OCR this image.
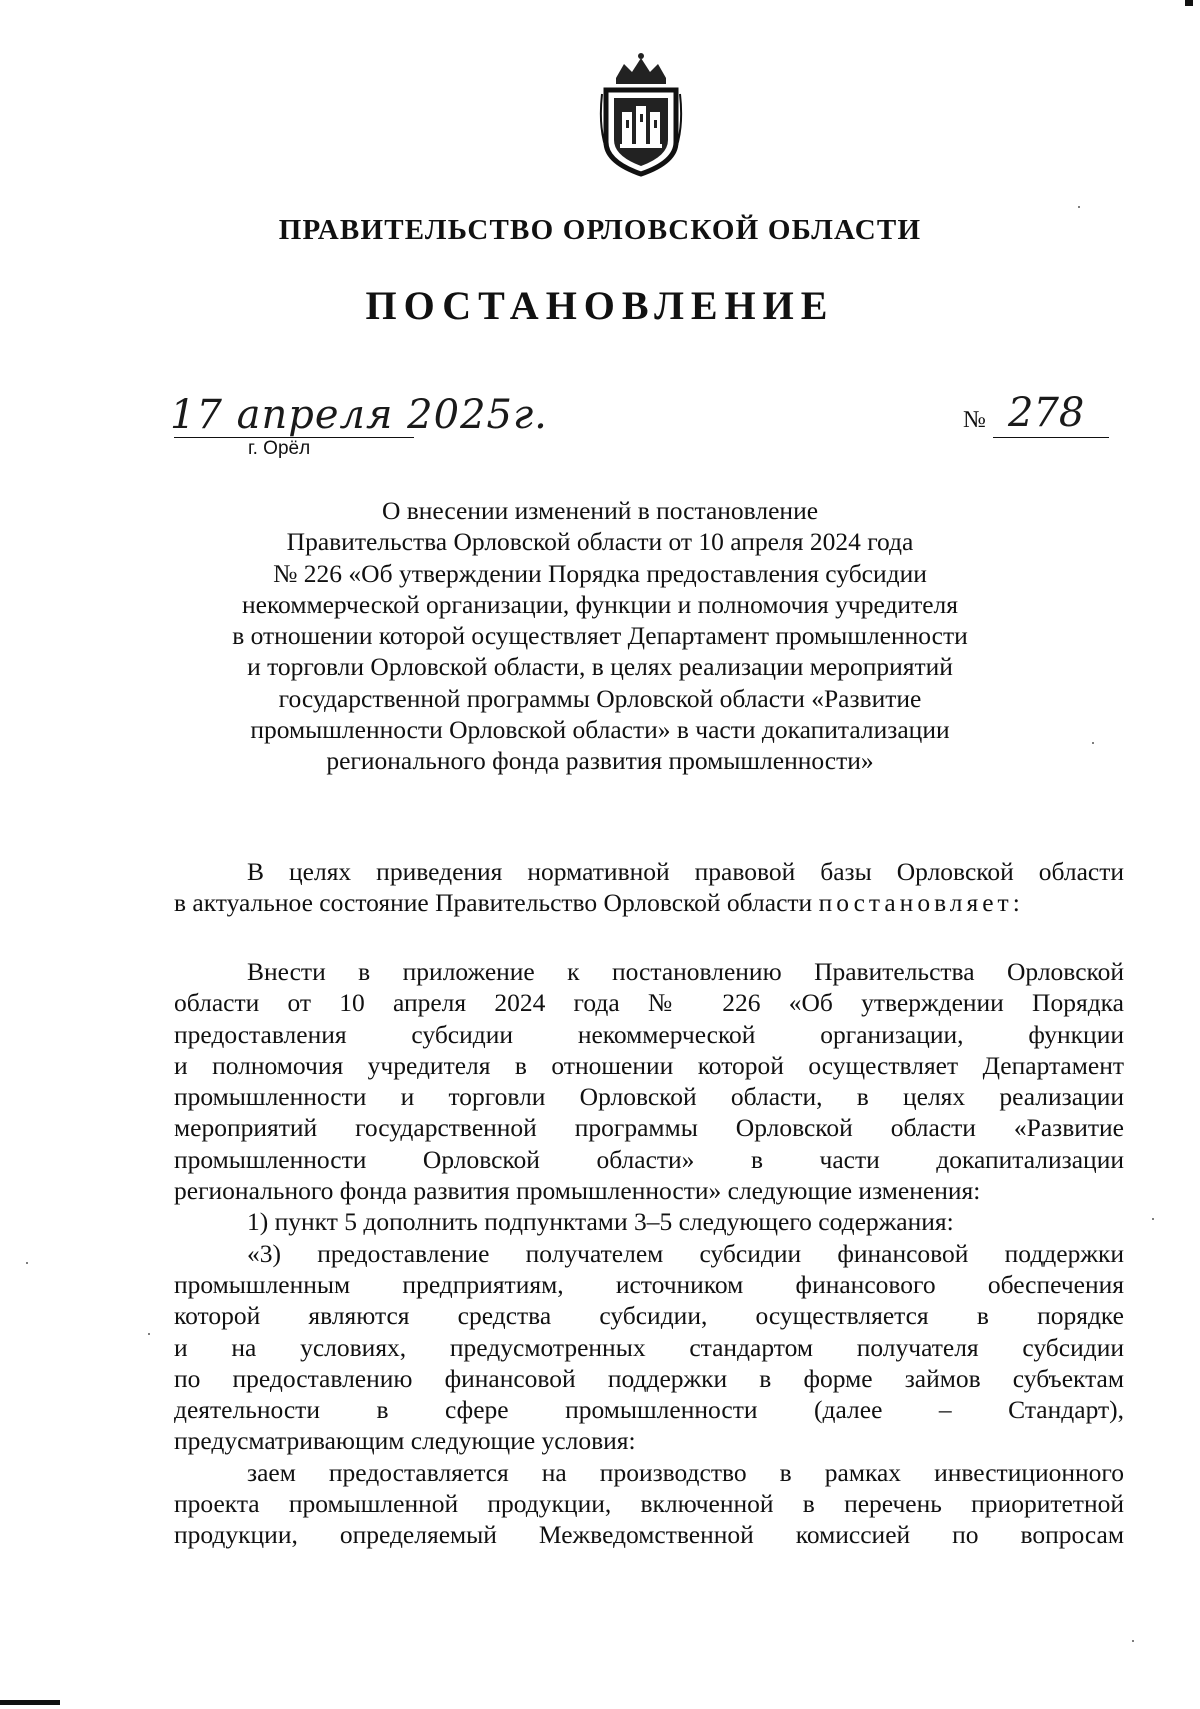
ПРАВИТЕЛЬСТВО ОРЛОВСКОЙ ОБЛАСТИ
ПОСТАНОВЛЕНИЕ
17 апреля 2025г.
г. Орёл
№ 278
О внесении изменений в постановление
Правительства Орловской области от 10 апреля 2024 года
№ 226 «Об утверждении Порядка предоставления субсидии
некоммерческой организации, функции и полномочия учредителя
в отношении которой осуществляет Департамент промышленности
и торговли Орловской области, в целях реализации мероприятий
государственной программы Орловской области «Развитие
промышленности Орловской области» в части докапитализации
регионального фонда развития промышленности»
В целях приведения нормативной правовой базы Орловской области
в актуальное состояние Правительство Орловской области постановляет:
Внести в приложение к постановлению Правительства Орловской
области от 10 апреля 2024 года № 226 «Об утверждении Порядка
предоставления субсидии некоммерческой организации, функции
и полномочия учредителя в отношении которой осуществляет Департамент
промышленности и торговли Орловской области, в целях реализации
мероприятий государственной программы Орловской области «Развитие
промышленности Орловской области» в части докапитализации
регионального фонда развития промышленности» следующие изменения:
1) пункт 5 дополнить подпунктами 3–5 следующего содержания:
«3) предоставление получателем субсидии финансовой поддержки
промышленным предприятиям, источником финансового обеспечения
которой являются средства субсидии, осуществляется в порядке
и на условиях, предусмотренных стандартом получателя субсидии
по предоставлению финансовой поддержки в форме займов субъектам
деятельности в сфере промышленности (далее – Стандарт),
предусматривающим следующие условия:
заем предоставляется на производство в рамках инвестиционного
проекта промышленной продукции, включенной в перечень приоритетной
продукции, определяемый Межведомственной комиссией по вопросам
